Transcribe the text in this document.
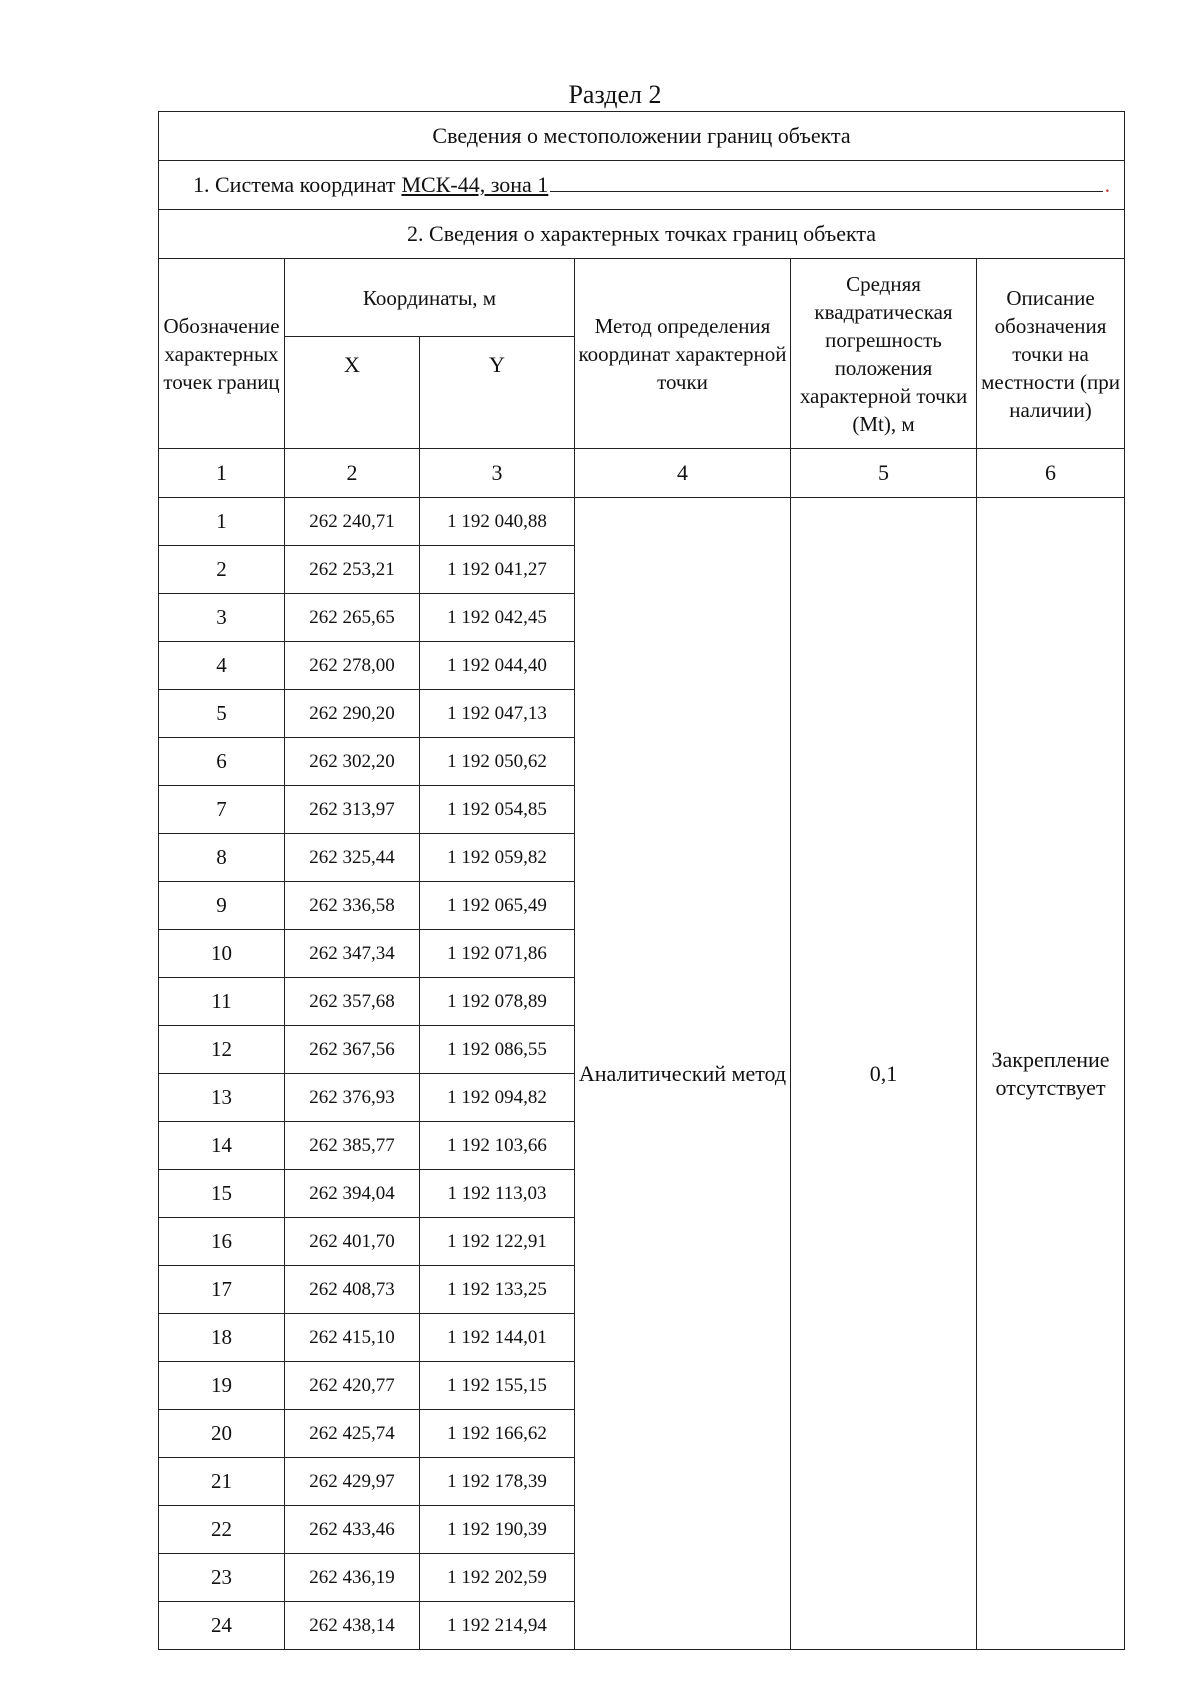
Раздел 2
Сведения о местоположении границ объекта					

1. Система координат МСК-44, зона 1 .					

2. Сведения о характерных точках границ объекта					
Обозначение характерных точек границ	Координаты, м		Метод определения координат характерной точки	Средняя квадратическая погрешность положения характерной точки (Mt), м	Описание обозначения точки на местности (при наличии)
	X	Y			
1	2	3	4	5	6
1	262 240,71	1 192 040,88	Аналитический метод	0,1	Закрепление отсутствует
2	262 253,21	1 192 041,27			
3	262 265,65	1 192 042,45			
4	262 278,00	1 192 044,40			
5	262 290,20	1 192 047,13			
6	262 302,20	1 192 050,62			
7	262 313,97	1 192 054,85			
8	262 325,44	1 192 059,82			
9	262 336,58	1 192 065,49			
10	262 347,34	1 192 071,86			
11	262 357,68	1 192 078,89			
12	262 367,56	1 192 086,55			
13	262 376,93	1 192 094,82			
14	262 385,77	1 192 103,66			
15	262 394,04	1 192 113,03			
16	262 401,70	1 192 122,91			
17	262 408,73	1 192 133,25			
18	262 415,10	1 192 144,01			
19	262 420,77	1 192 155,15			
20	262 425,74	1 192 166,62			
21	262 429,97	1 192 178,39			
22	262 433,46	1 192 190,39			
23	262 436,19	1 192 202,59			
24	262 438,14	1 192 214,94			
